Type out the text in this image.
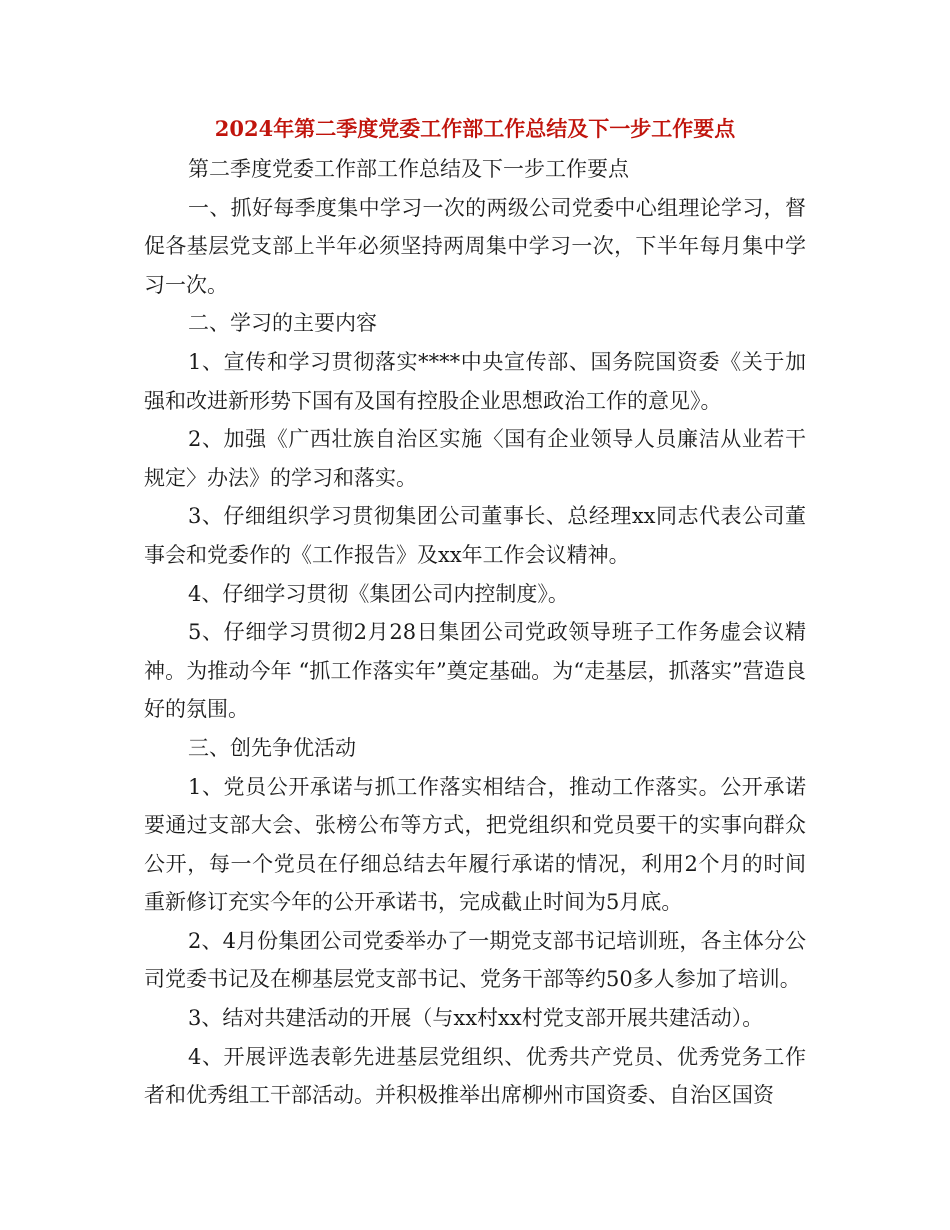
2024年第二季度党委工作部工作总结及下一步工作要点

第二季度党委工作部工作总结及下一步工作要点

一、抓好每季度集中学习一次的两级公司党委中心组理论学习，督促各基层党支部上半年必须坚持两周集中学习一次，下半年每月集中学习一次。

二、学习的主要内容

1、宣传和学习贯彻落实****中央宣传部、国务院国资委《关于加强和改进新形势下国有及国有控股企业思想政治工作的意见》。

2、加强《广西壮族自治区实施〈国有企业领导人员廉洁从业若干规定〉办法》的学习和落实。

3、仔细组织学习贯彻集团公司董事长、总经理xx同志代表公司董事会和党委作的《工作报告》及xx年工作会议精神。

4、仔细学习贯彻《集团公司内控制度》。

5、仔细学习贯彻2月28日集团公司党政领导班子工作务虚会议精神。为推动今年 “抓工作落实年”奠定基础。为“走基层，抓落实”营造良好的氛围。

三、创先争优活动

1、党员公开承诺与抓工作落实相结合，推动工作落实。公开承诺要通过支部大会、张榜公布等方式，把党组织和党员要干的实事向群众公开，每一个党员在仔细总结去年履行承诺的情况，利用2个月的时间重新修订充实今年的公开承诺书，完成截止时间为5月底。

2、4月份集团公司党委举办了一期党支部书记培训班，各主体分公司党委书记及在柳基层党支部书记、党务干部等约50多人参加了培训。

3、结对共建活动的开展（与xx村xx村党支部开展共建活动）。

4、开展评选表彰先进基层党组织、优秀共产党员、优秀党务工作者和优秀组工干部活动。并积极推举出席柳州市国资委、自治区国资
